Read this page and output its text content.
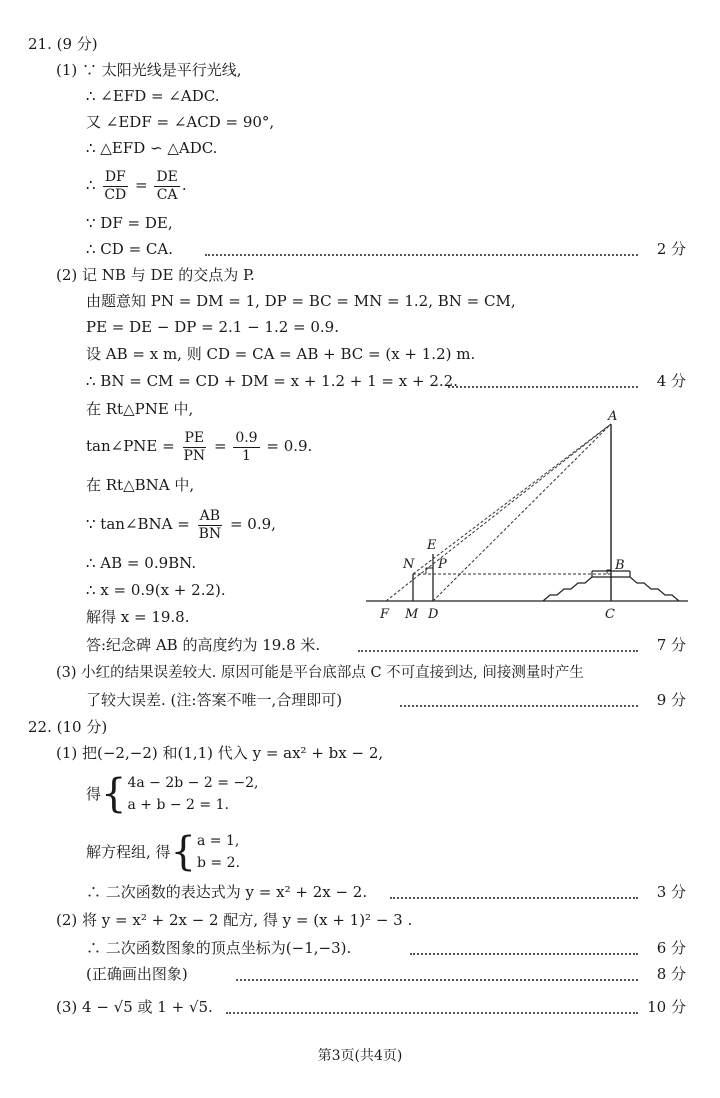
21. (9 分)
(1) ∵ 太阳光线是平行光线,
∴ ∠EFD = ∠ADC.
又 ∠EDF = ∠ACD = 90°,
∴ △EFD ∽ △ADC.
∴ $\frac{DF}{CD} = \frac{DE}{CA}$ .
∵ DF = DE,
∴ CD = CA.	2 分
(2) 记 NB 与 DE 的交点为 P.
由题意知 PN = DM = 1, DP = BC = MN = 1.2, BN = CM,
PE = DE − DP = 2.1 − 1.2 = 0.9.
设 AB = x m, 则 CD = CA = AB + BC = (x + 1.2) m.
∴ BN = CM = CD + DM = x + 1.2 + 1 = x + 2.2.	4 分
在 Rt△PNE 中,
tan∠PNE = $\frac{PE}{PN} = \frac{0.9}{1} = 0.9$.
在 Rt△BNA 中,
∵ tan∠BNA = $\frac{AB}{BN} = 0.9$,
∴ AB = 0.9BN.
∴ x = 0.9(x + 2.2).
解得 x = 19.8.
A
B
C
D
E
F M
N P
答:纪念碑 AB 的高度约为 19.8 米.	7 分
(3) 小红的结果误差较大. 原因可能是平台底部点 C 不可直接到达, 间接测量时产生
了较大误差. (注:答案不唯一,合理即可)	9 分
22. (10 分)
(1) 把(−2,−2) 和(1,1) 代入 y = ax² + bx − 2,
得 { 4a − 2b − 2 = −2,
a + b − 2 = 1.
解方程组, 得 { a = 1,
b = 2.
∴ 二次函数的表达式为 y = x² + 2x − 2.	3 分
(2) 将 y = x² + 2x − 2 配方, 得 y = (x + 1)² − 3 .
∴ 二次函数图象的顶点坐标为(−1,−3).	6 分
(正确画出图象)	8 分
(3) 4 − √5 或 1 + √5.	10 分
第3页(共4页)
